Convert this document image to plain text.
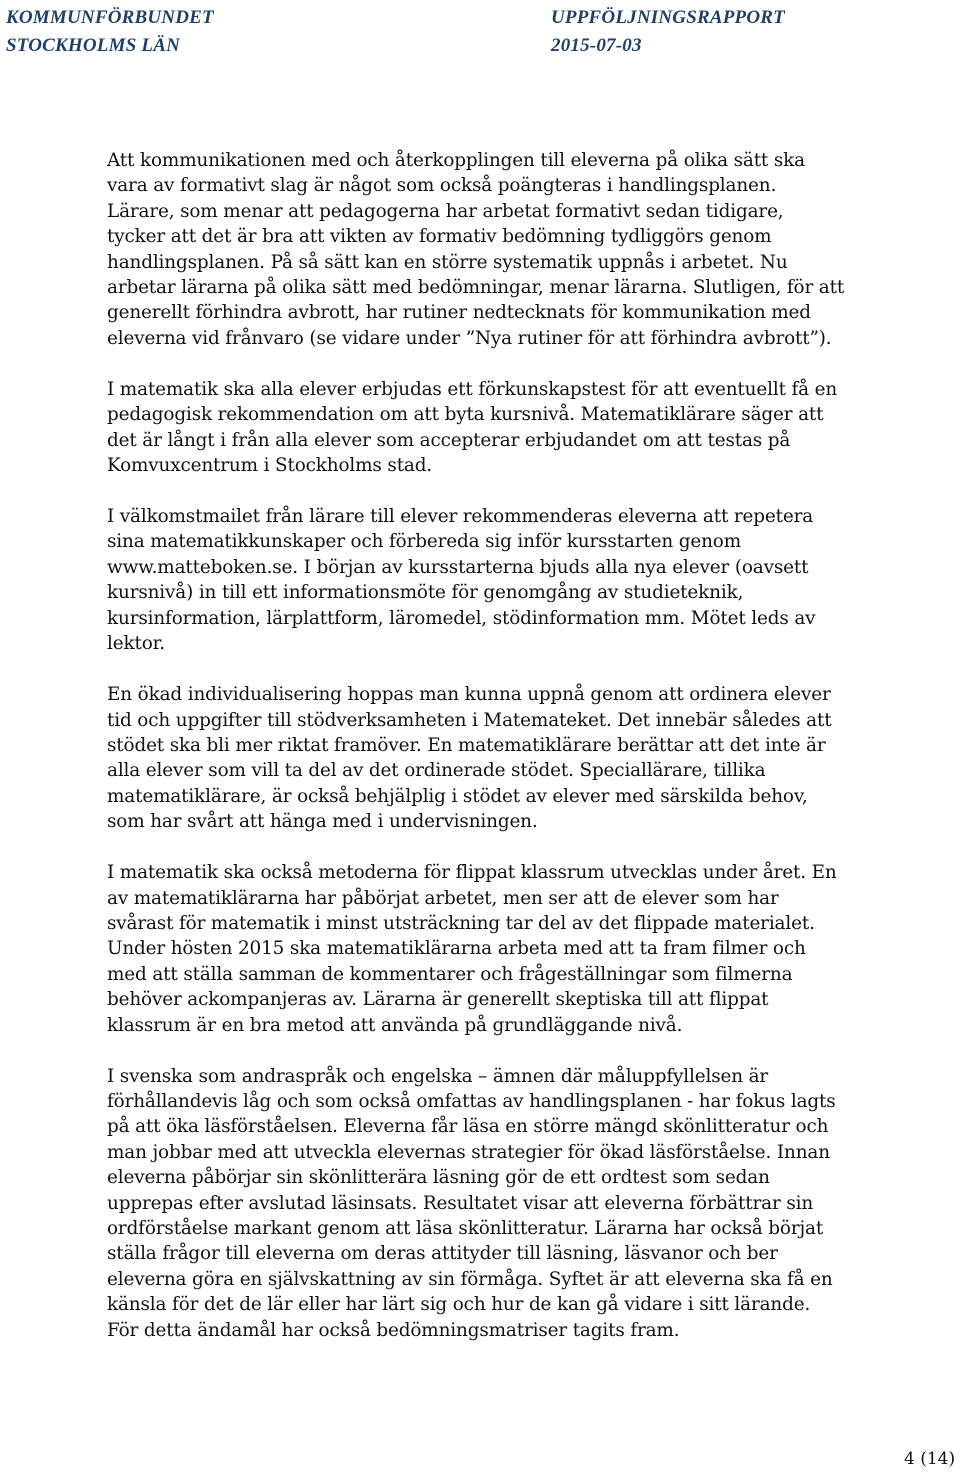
KOMMUNFÖRBUNDET
STOCKHOLMS LÄN
UPPFÖLJNINGSRAPPORT
2015-07-03

Att kommunikationen med och återkopplingen till eleverna på olika sätt ska vara av formativt slag är något som också poängteras i handlingsplanen. Lärare, som menar att pedagogerna har arbetat formativt sedan tidigare, tycker att det är bra att vikten av formativ bedömning tydliggörs genom handlingsplanen. På så sätt kan en större systematik uppnås i arbetet. Nu arbetar lärarna på olika sätt med bedömningar, menar lärarna. Slutligen, för att generellt förhindra avbrott, har rutiner nedtecknats för kommunikation med eleverna vid frånvaro (se vidare under ”Nya rutiner för att förhindra avbrott”).

I matematik ska alla elever erbjudas ett förkunskapstest för att eventuellt få en pedagogisk rekommendation om att byta kursnivå. Matematiklärare säger att det är långt i från alla elever som accepterar erbjudandet om att testas på Komvuxcentrum i Stockholms stad.

I välkomstmailet från lärare till elever rekommenderas eleverna att repetera sina matematikkunskaper och förbereda sig inför kursstarten genom www.matteboken.se. I början av kursstarterna bjuds alla nya elever (oavsett kursnivå) in till ett informationsmöte för genomgång av studieteknik, kursinformation, lärplattform, läromedel, stödinformation mm. Mötet leds av lektor.

En ökad individualisering hoppas man kunna uppnå genom att ordinera elever tid och uppgifter till stödverksamheten i Matemateket. Det innebär således att stödet ska bli mer riktat framöver. En matematiklärare berättar att det inte är alla elever som vill ta del av det ordinerade stödet. Speciallärare, tillika matematiklärare, är också behjälplig i stödet av elever med särskilda behov, som har svårt att hänga med i undervisningen.

I matematik ska också metoderna för flippat klassrum utvecklas under året. En av matematiklärarna har påbörjat arbetet, men ser att de elever som har svårast för matematik i minst utsträckning tar del av det flippade materialet. Under hösten 2015 ska matematiklärarna arbeta med att ta fram filmer och med att ställa samman de kommentarer och frågeställningar som filmerna behöver ackompanjeras av. Lärarna är generellt skeptiska till att flippat klassrum är en bra metod att använda på grundläggande nivå.

I svenska som andraspråk och engelska – ämnen där måluppfyllelsen är förhållandevis låg och som också omfattas av handlingsplanen - har fokus lagts på att öka läsförståelsen. Eleverna får läsa en större mängd skönlitteratur och man jobbar med att utveckla elevernas strategier för ökad läsförståelse. Innan eleverna påbörjar sin skönlitterära läsning gör de ett ordtest som sedan upprepas efter avslutad läsinsats. Resultatet visar att eleverna förbättrar sin ordförståelse markant genom att läsa skönlitteratur. Lärarna har också börjat ställa frågor till eleverna om deras attityder till läsning, läsvanor och ber eleverna göra en självskattning av sin förmåga. Syftet är att eleverna ska få en känsla för det de lär eller har lärt sig och hur de kan gå vidare i sitt lärande. För detta ändamål har också bedömningsmatriser tagits fram.

4 (14)
